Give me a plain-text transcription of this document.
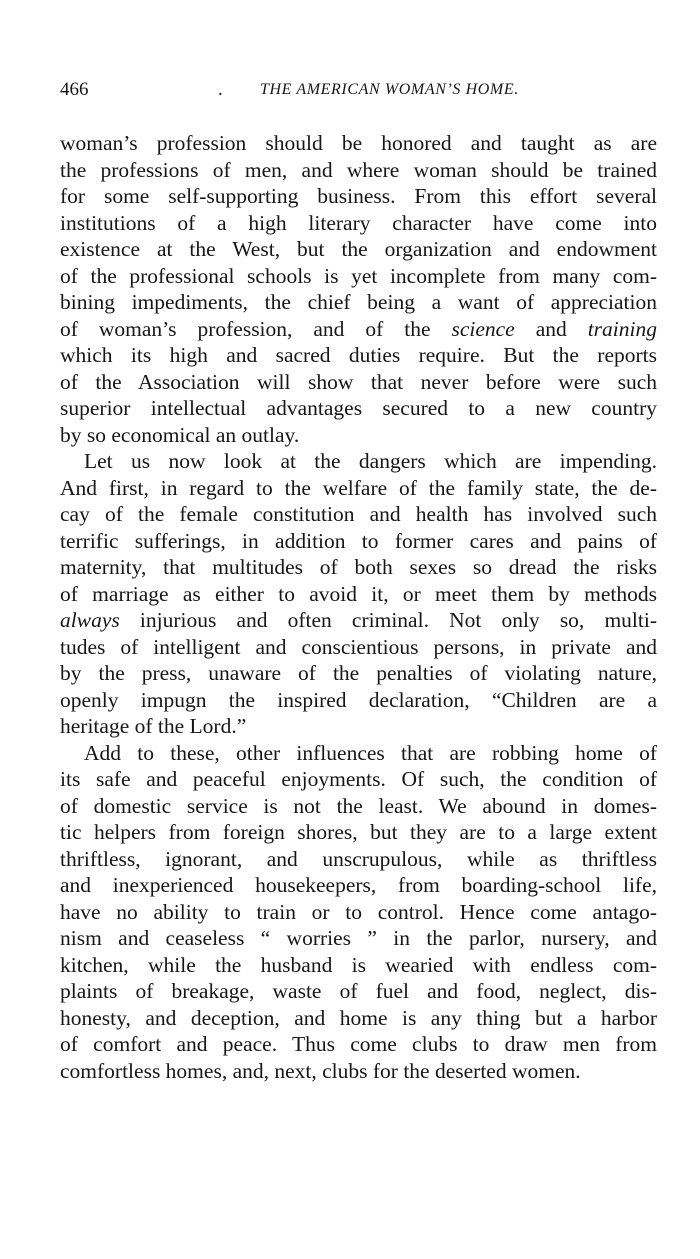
466	. THE AMERICAN WOMAN’S HOME.

woman’s profession should be honored and taught as are
the professions of men, and where woman should be trained
for some self-supporting business. From this effort several
institutions of a high literary character have come into
existence at the West, but the organization and endowment
of the professional schools is yet incomplete from many com-
bining impediments, the chief being a want of appreciation
of woman’s profession, and of the science and training
which its high and sacred duties require. But the reports
of the Association will show that never before were such
superior intellectual advantages secured to a new country
by so economical an outlay.

Let us now look at the dangers which are impending.
And first, in regard to the welfare of the family state, the de-
cay of the female constitution and health has involved such
terrific sufferings, in addition to former cares and pains of
maternity, that multitudes of both sexes so dread the risks
of marriage as either to avoid it, or meet them by methods
always injurious and often criminal. Not only so, multi-
tudes of intelligent and conscientious persons, in private and
by the press, unaware of the penalties of violating nature,
openly impugn the inspired declaration, “Children are a
heritage of the Lord.”

Add to these, other influences that are robbing home of
its safe and peaceful enjoyments. Of such, the condition of
of domestic service is not the least. We abound in domes-
tic helpers from foreign shores, but they are to a large extent
thriftless, ignorant, and unscrupulous, while as thriftless
and inexperienced housekeepers, from boarding-school life,
have no ability to train or to control. Hence come antago-
nism and ceaseless “ worries ” in the parlor, nursery, and
kitchen, while the husband is wearied with endless com-
plaints of breakage, waste of fuel and food, neglect, dis-
honesty, and deception, and home is any thing but a harbor
of comfort and peace. Thus come clubs to draw men from
comfortless homes, and, next, clubs for the deserted women.
